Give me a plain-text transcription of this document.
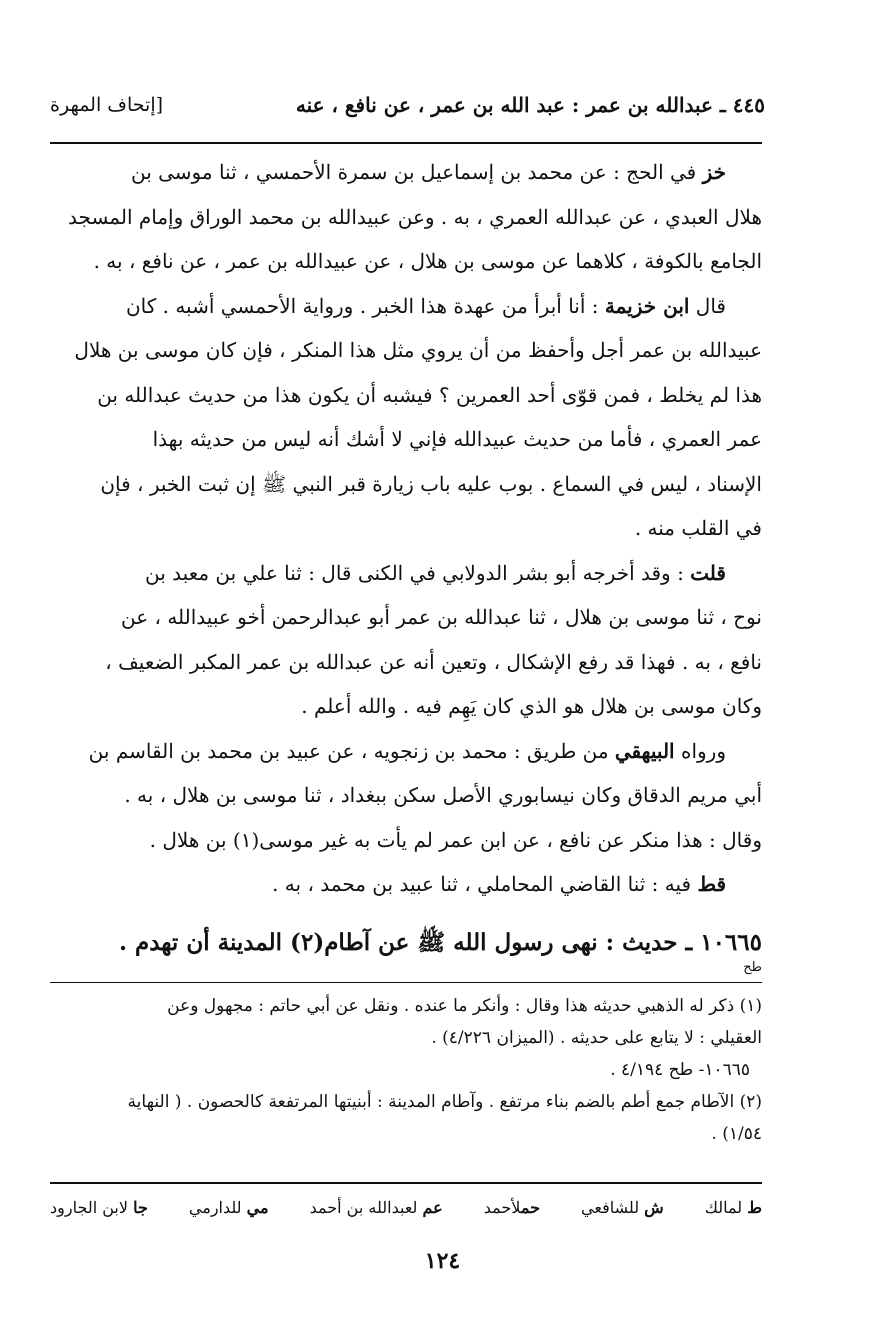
٤٤٥ ـ عبدالله بن عمر : عبد الله بن عمر ، عن نافع ، عنه
[إتحاف المهرة
خز في الحج : عن محمد بن إسماعيل بن سمرة الأحمسي ، ثنا موسى بن
هلال العبدي ، عن عبدالله العمري ، به . وعن عبيدالله بن محمد الوراق وإمام المسجد
الجامع بالكوفة ، كلاهما عن موسى بن هلال ، عن عبيدالله بن عمر ، عن نافع ، به .
قال ابن خزيمة : أنا أبرأ من عهدة هذا الخبر . ورواية الأحمسي أشبه . كان
عبيدالله بن عمر أجل وأحفظ من أن يروي مثل هذا المنكر ، فإن كان موسى بن هلال
هذا لم يخلط ، فمن قوّى أحد العمرين ؟ فيشبه أن يكون هذا من حديث عبدالله بن
عمر العمري ، فأما من حديث عبيدالله فإني لا أشك أنه ليس من حديثه بهذا
الإسناد ، ليس في السماع . بوب عليه باب زيارة قبر النبي ﷺ إن ثبت الخبر ، فإن
في القلب منه .
قلت : وقد أخرجه أبو بشر الدولابي في الكنى قال : ثنا علي بن معبد بن
نوح ، ثنا موسى بن هلال ، ثنا عبدالله بن عمر أبو عبدالرحمن أخو عبيدالله ، عن
نافع ، به . فهذا قد رفع الإشكال ، وتعين أنه عن عبدالله بن عمر المكبر الضعيف ،
وكان موسى بن هلال هو الذي كان يَهِم فيه . والله أعلم .
ورواه البيهقي من طريق : محمد بن زنجويه ، عن عبيد بن محمد بن القاسم بن
أبي مريم الدقاق وكان نيسابوري الأصل سكن ببغداد ، ثنا موسى بن هلال ، به .
وقال : هذا منكر عن نافع ، عن ابن عمر لم يأت به غير موسى(١) بن هلال .
قط فيه : ثنا القاضي المحاملي ، ثنا عبيد بن محمد ، به .
١٠٦٦٥ ـ حديث : نهى رسول الله ﷺ عن آطام(٢) المدينة أن تهدم .
طح
(١) ذكر له الذهبي حديثه هذا وقال : وأنكر ما عنده . ونقل عن أبي حاتم : مجهول وعن
العقيلي : لا يتابع على حديثه . (الميزان ٤/٢٢٦) .
١٠٦٦٥- طح ٤/١٩٤ .
(٢) الآطام جمع أطم بالضم بناء مرتفع . وآطام المدينة : أبنيتها المرتفعة كالحصون . ( النهاية
١/٥٤) .
ط لمالك
ش للشافعي
حملأحمد
عم لعبدالله بن أحمد
مي للدارمي
جا لابن الجارود
١٢٤
